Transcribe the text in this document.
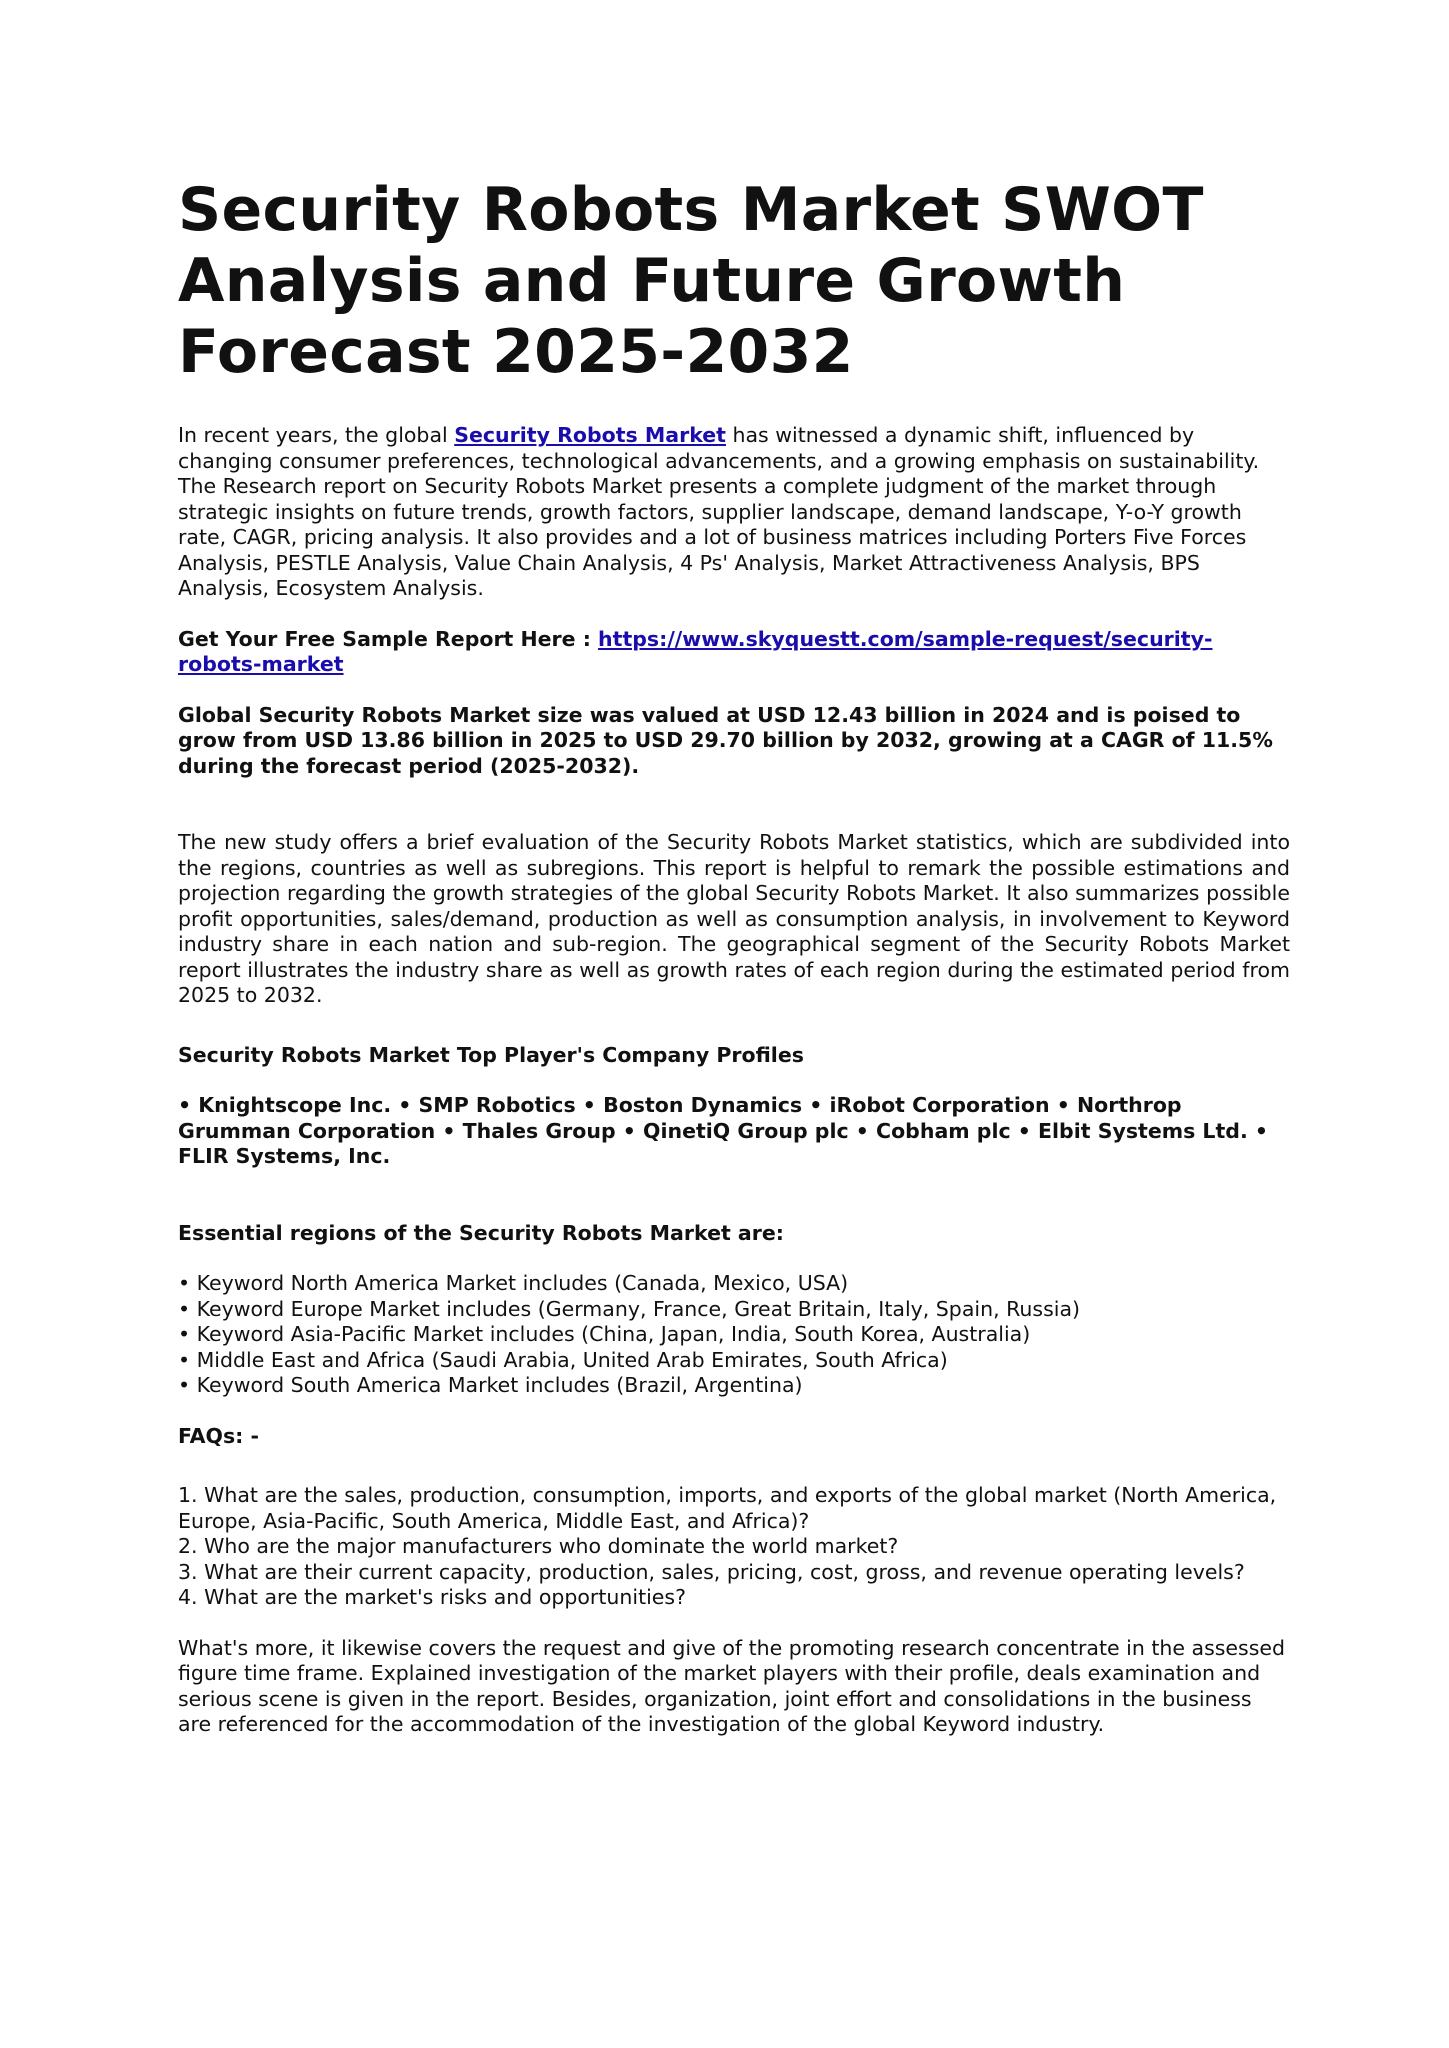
Security Robots Market SWOT Analysis and Future Growth Forecast 2025-2032

In recent years, the global Security Robots Market has witnessed a dynamic shift, influenced by changing consumer preferences, technological advancements, and a growing emphasis on sustainability. The Research report on Security Robots Market presents a complete judgment of the market through strategic insights on future trends, growth factors, supplier landscape, demand landscape, Y-o-Y growth rate, CAGR, pricing analysis. It also provides and a lot of business matrices including Porters Five Forces Analysis, PESTLE Analysis, Value Chain Analysis, 4 Ps' Analysis, Market Attractiveness Analysis, BPS Analysis, Ecosystem Analysis.

Get Your Free Sample Report Here : https://www.skyquestt.com/sample-request/security-robots-market

Global Security Robots Market size was valued at USD 12.43 billion in 2024 and is poised to grow from USD 13.86 billion in 2025 to USD 29.70 billion by 2032, growing at a CAGR of 11.5% during the forecast period (2025-2032).

The new study offers a brief evaluation of the Security Robots Market statistics, which are subdivided into the regions, countries as well as subregions. This report is helpful to remark the possible estimations and projection regarding the growth strategies of the global Security Robots Market. It also summarizes possible profit opportunities, sales/demand, production as well as consumption analysis, in involvement to Keyword industry share in each nation and sub-region. The geographical segment of the Security Robots Market report illustrates the industry share as well as growth rates of each region during the estimated period from 2025 to 2032.

Security Robots Market Top Player's Company Profiles

• Knightscope Inc. • SMP Robotics • Boston Dynamics • iRobot Corporation • Northrop Grumman Corporation • Thales Group • QinetiQ Group plc • Cobham plc • Elbit Systems Ltd. • FLIR Systems, Inc.

Essential regions of the Security Robots Market are:

• Keyword North America Market includes (Canada, Mexico, USA)
• Keyword Europe Market includes (Germany, France, Great Britain, Italy, Spain, Russia)
• Keyword Asia-Pacific Market includes (China, Japan, India, South Korea, Australia)
• Middle East and Africa (Saudi Arabia, United Arab Emirates, South Africa)
• Keyword South America Market includes (Brazil, Argentina)

FAQs: -

1. What are the sales, production, consumption, imports, and exports of the global market (North America, Europe, Asia-Pacific, South America, Middle East, and Africa)?
2. Who are the major manufacturers who dominate the world market?
3. What are their current capacity, production, sales, pricing, cost, gross, and revenue operating levels?
4. What are the market's risks and opportunities?

What's more, it likewise covers the request and give of the promoting research concentrate in the assessed figure time frame. Explained investigation of the market players with their profile, deals examination and serious scene is given in the report. Besides, organization, joint effort and consolidations in the business are referenced for the accommodation of the investigation of the global Keyword industry.
